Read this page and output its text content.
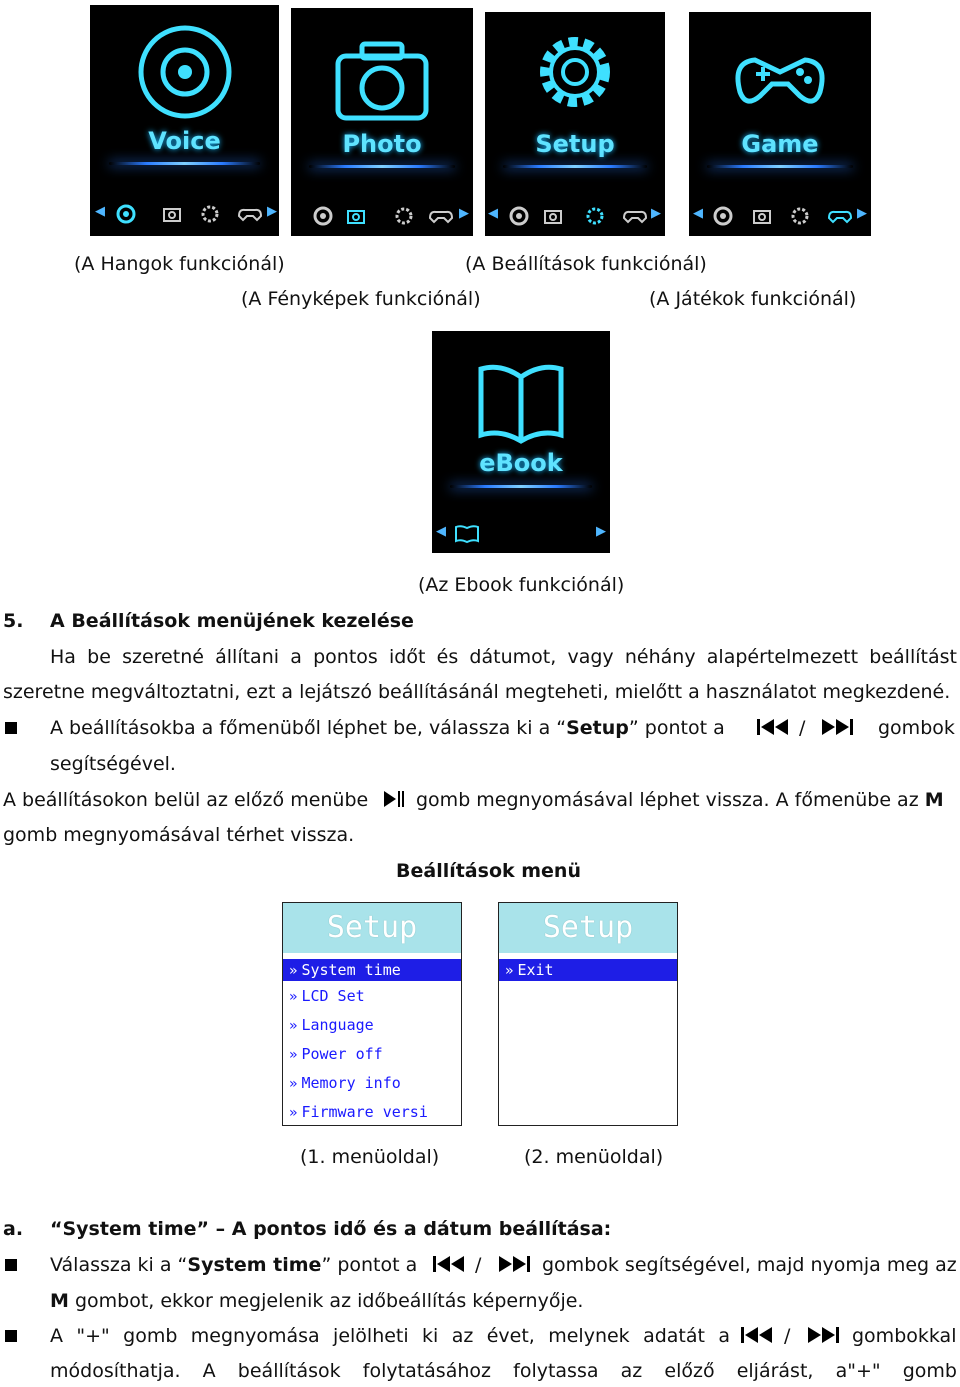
Voice
◀	▶
Photo
▶
Setup
◀	▶
Game
◀	▶
(A Hangok funkciónál)	(A Beállítások funkciónál)
(A Fényképek funkciónál)	(A Játékok funkciónál)
eBook
◀	▶
(Az Ebook funkciónál)
5. A Beállítások menüjének kezelése
Ha be szeretné állítani a pontos időt és dátumot, vagy néhány alapértelmezett beállítást
szeretne megváltoztatni, ezt a lejátszó beállításánál megteheti, mielőtt a használatot megkezdené.
A beállításokba a főmenüből léphet be, válassza ki a “Setup” pontot a	/	gombok
segítségével.
A beállításokon belül az előző menübe	gomb megnyomásával léphet vissza. A főmenübe az M
gomb megnyomásával térhet vissza.
Beállítások menü
Setup
» System time
» LCD Set
» Language
» Power off
» Memory info
» Firmware versi
Setup
» Exit
(1. menüoldal)	(2. menüoldal)
a. “System time” – A pontos idő és a dátum beállítása:
Válassza ki a “System time” pontot a	/	gombok segítségével, majd nyomja meg az
M gombot, ekkor megjelenik az időbeállítás képernyője.
A "+" gomb megnyomása jelölheti ki az évet, melynek adatát a	/	gombokkal
módosíthatja. A beállítások folytatásához folytassa az előző eljárást, a"+" gomb
